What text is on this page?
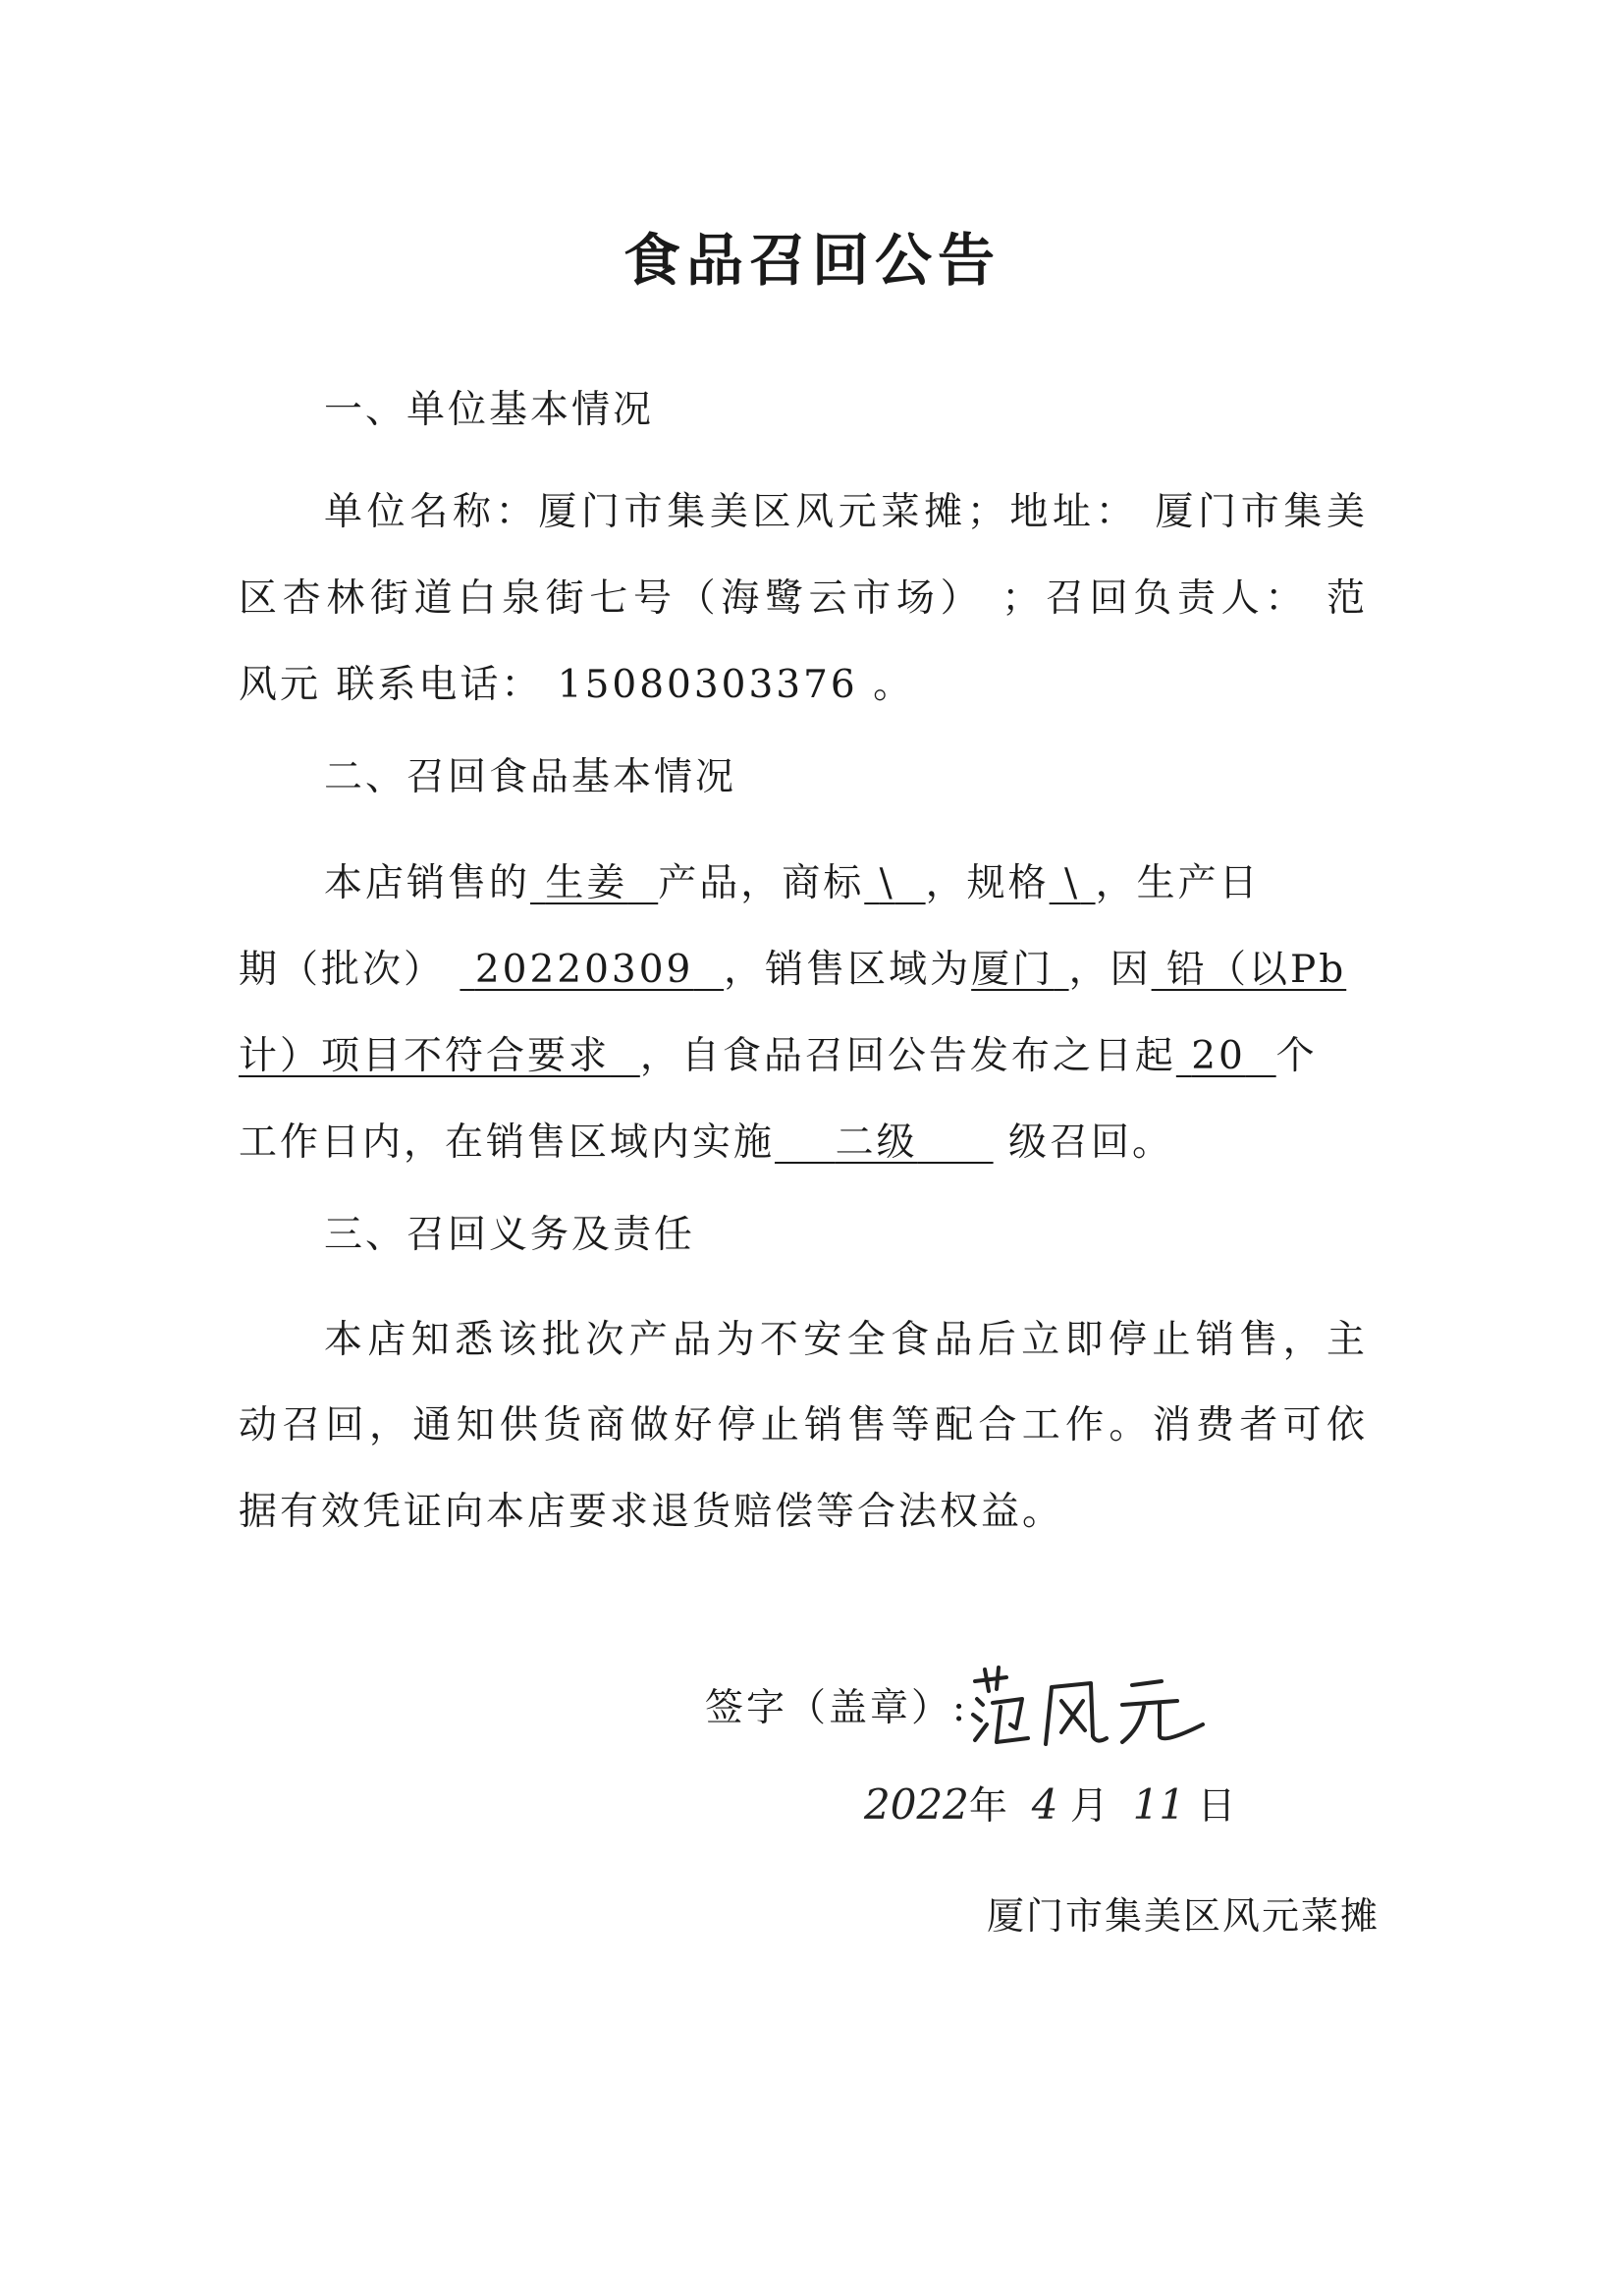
食品召回公告
一、单位基本情况
单位名称：厦门市集美区风元菜摊；地址： 厦门市集美
区杏林街道白泉街七号（海鹭云市场） ；召回负责人： 范
风元 联系电话： 15080303376 。
二、召回食品基本情况
本店销售的 生姜 产品，商标 \ ，规格 \ ，生产日
期（批次） 20220309 ，销售区域为厦门 ，因 铅（以Pb
计）项目不符合要求 ，自食品召回公告发布之日起 20 个
工作日内，在销售区域内实施 二级 级召回。
三、召回义务及责任
本店知悉该批次产品为不安全食品后立即停止销售，主
动召回，通知供货商做好停止销售等配合工作。消费者可依
据有效凭证向本店要求退货赔偿等合法权益。
签字（盖章）:
2022年 4 月 11 日
厦门市集美区风元菜摊
